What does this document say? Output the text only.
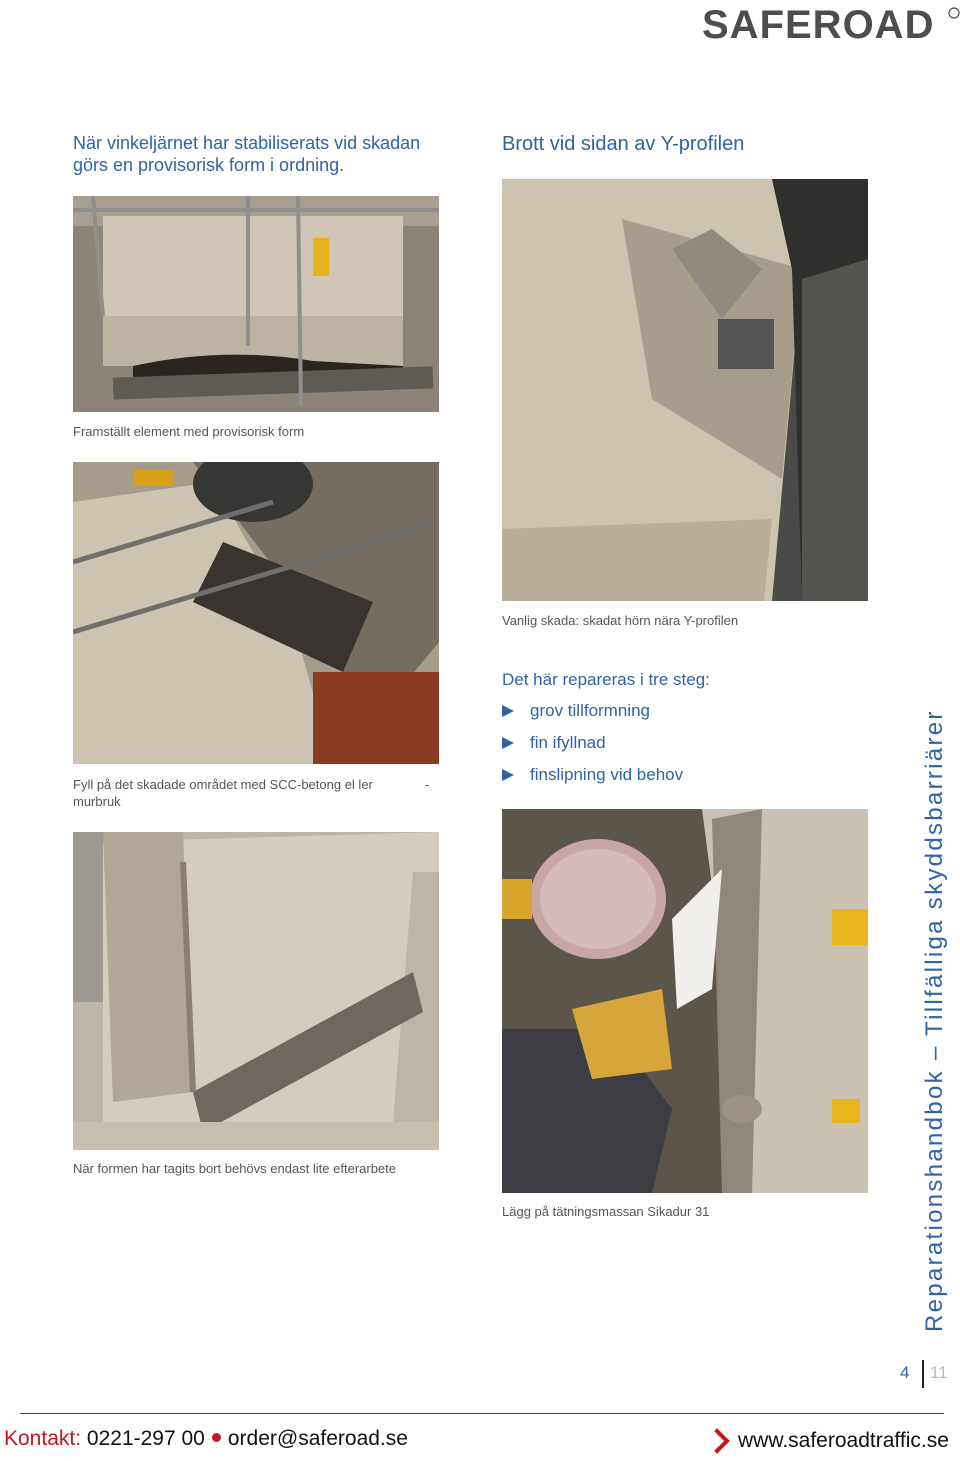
SAFEROAD
När vinkeljärnet har stabiliserats vid skadan görs en provisorisk form i ordning.
Framställt element med provisorisk form
Fyll på det skadade området med SCC-betong el ler murbruk
-
När formen har tagits bort behövs endast lite efterarbete
Brott vid sidan av Y-profilen
Vanlig skada: skadat hörn nära Y-profilen
Det här repareras i tre steg:
grov tillformning
fin ifyllnad
finslipning vid behov
Lägg på tätningsmassan Sikadur 31	Reparationshandbok – Tillfälliga skyddsbarriärer
4 11
Kontakt: 0221-297 00 order@saferoad.se	www.saferoadtraffic.se
